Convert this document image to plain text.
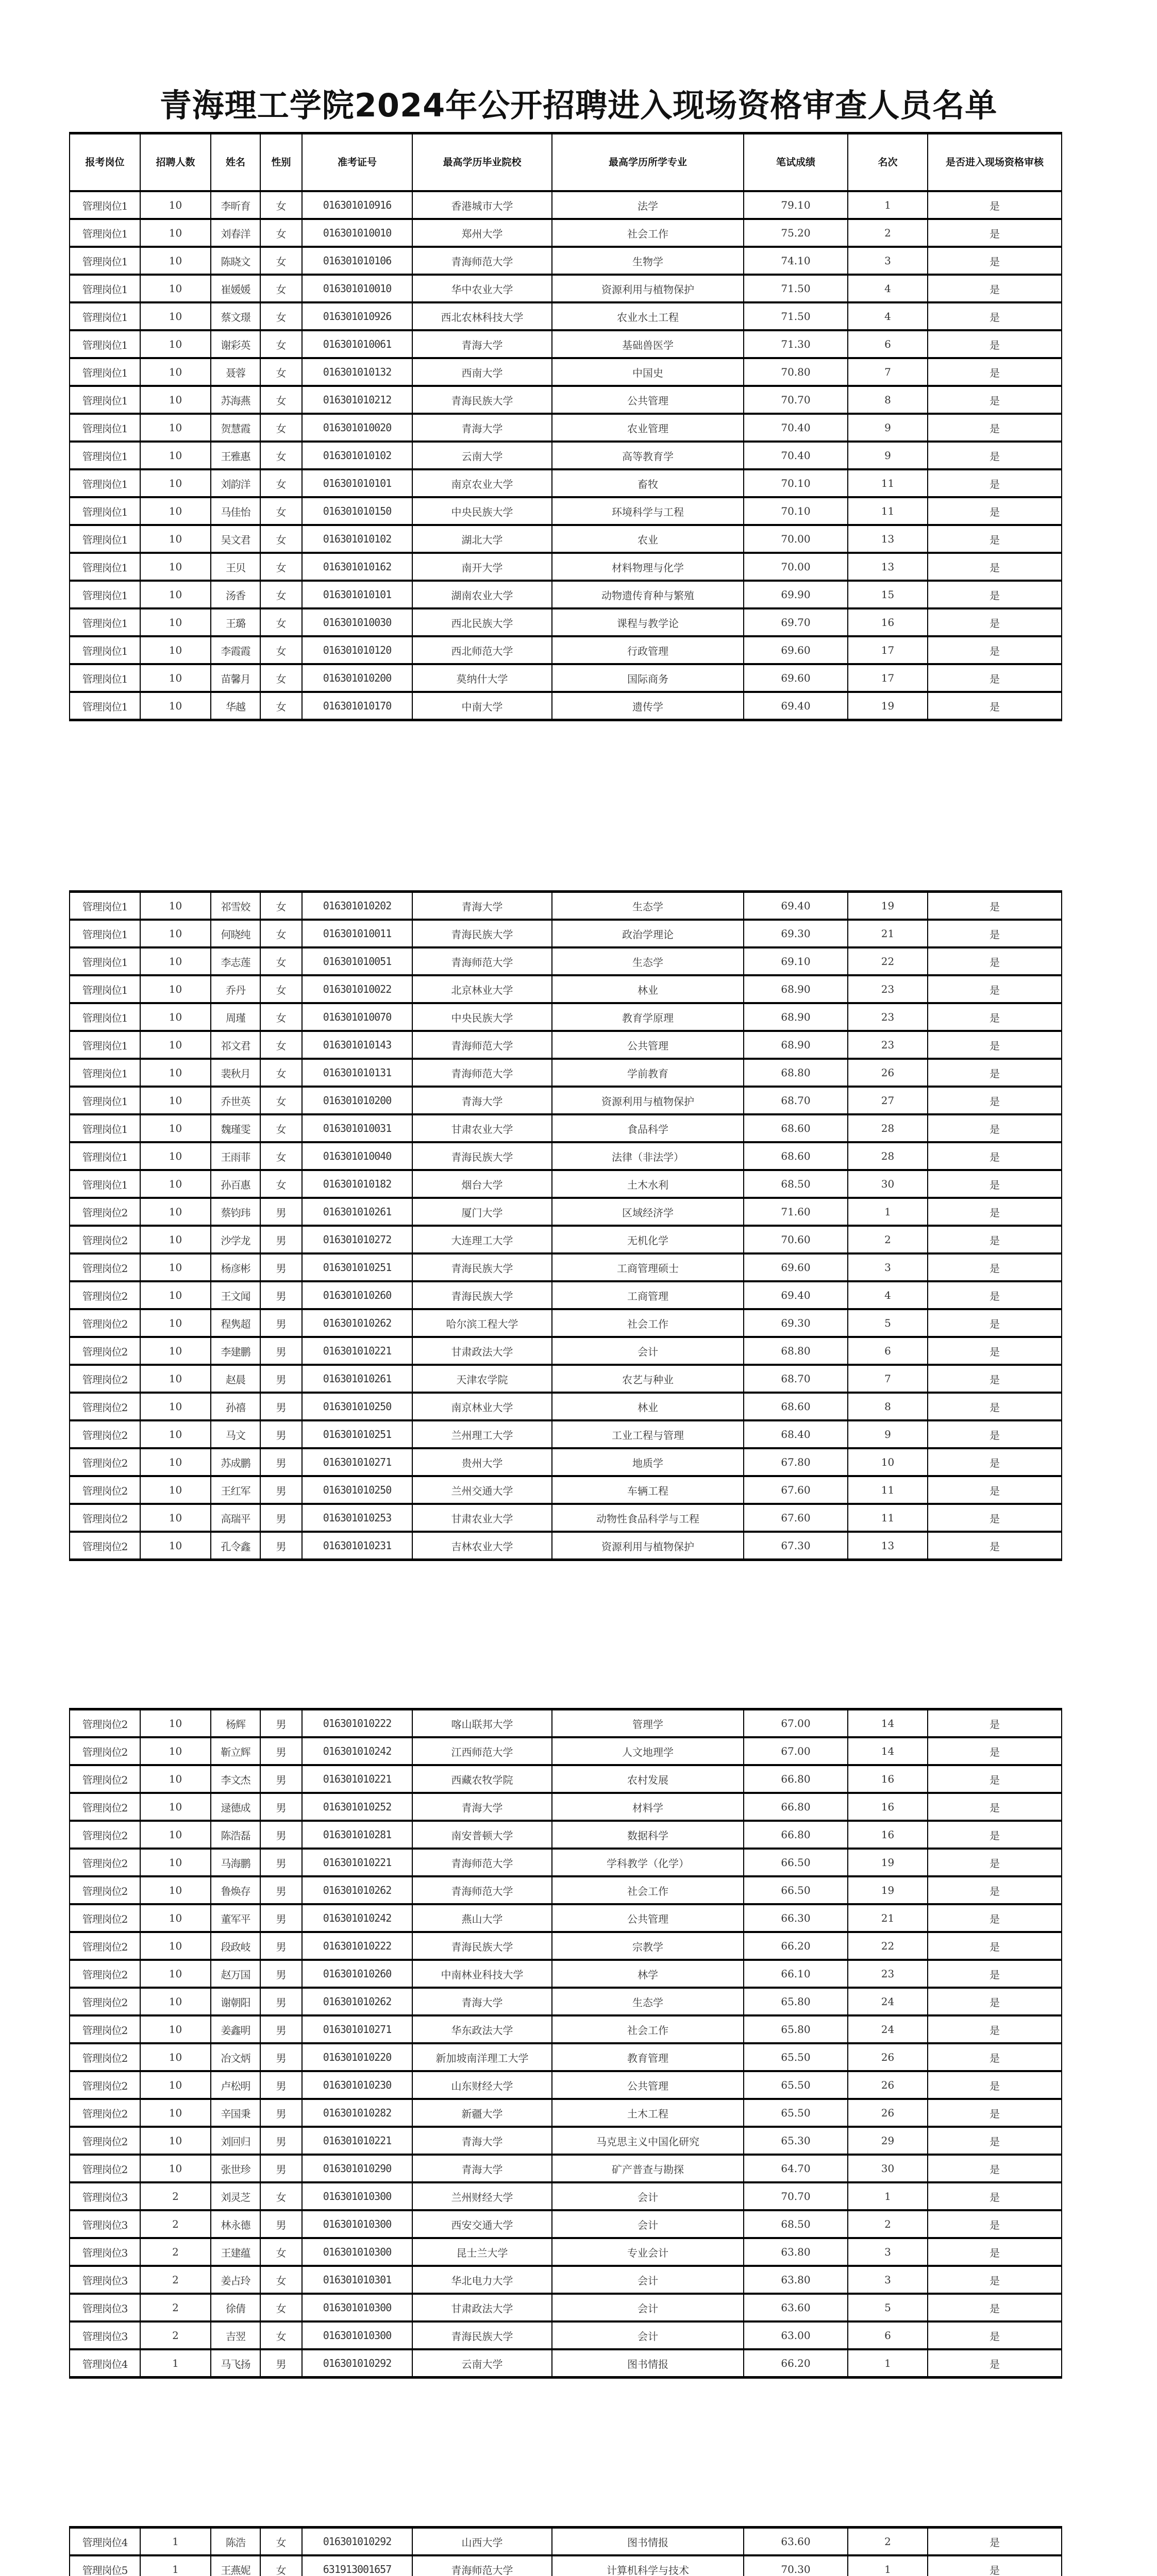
青海理工学院2024年公开招聘进入现场资格审查人员名单
报考岗位	招聘人数	姓名	性别	准考证号	最高学历毕业院校	最高学历所学专业	笔试成绩	名次	是否进入现场资格审核
管理岗位1	10	李昕育	女	016301010916	香港城市大学	法学	79.10	1	是
管理岗位1	10	刘春洋	女	016301010010	郑州大学	社会工作	75.20	2	是
管理岗位1	10	陈晓文	女	016301010106	青海师范大学	生物学	74.10	3	是
管理岗位1	10	崔媛媛	女	016301010010	华中农业大学	资源利用与植物保护	71.50	4	是
管理岗位1	10	蔡文璟	女	016301010926	西北农林科技大学	农业水土工程	71.50	4	是
管理岗位1	10	谢彩英	女	016301010061	青海大学	基础兽医学	71.30	6	是
管理岗位1	10	聂蓉	女	016301010132	西南大学	中国史	70.80	7	是
管理岗位1	10	苏海燕	女	016301010212	青海民族大学	公共管理	70.70	8	是
管理岗位1	10	贺慧霞	女	016301010020	青海大学	农业管理	70.40	9	是
管理岗位1	10	王雅惠	女	016301010102	云南大学	高等教育学	70.40	9	是
管理岗位1	10	刘韵洋	女	016301010101	南京农业大学	畜牧	70.10	11	是
管理岗位1	10	马佳怡	女	016301010150	中央民族大学	环境科学与工程	70.10	11	是
管理岗位1	10	吴文君	女	016301010102	湖北大学	农业	70.00	13	是
管理岗位1	10	王贝	女	016301010162	南开大学	材料物理与化学	70.00	13	是
管理岗位1	10	汤香	女	016301010101	湖南农业大学	动物遗传育种与繁殖	69.90	15	是
管理岗位1	10	王璐	女	016301010030	西北民族大学	课程与教学论	69.70	16	是
管理岗位1	10	李霞霞	女	016301010120	西北师范大学	行政管理	69.60	17	是
管理岗位1	10	苗馨月	女	016301010200	莫纳什大学	国际商务	69.60	17	是
管理岗位1	10	华越	女	016301010170	中南大学	遗传学	69.40	19	是
管理岗位1	10	祁雪姣	女	016301010202	青海大学	生态学	69.40	19	是
管理岗位1	10	何晓纯	女	016301010011	青海民族大学	政治学理论	69.30	21	是
管理岗位1	10	李志莲	女	016301010051	青海师范大学	生态学	69.10	22	是
管理岗位1	10	乔丹	女	016301010022	北京林业大学	林业	68.90	23	是
管理岗位1	10	周瑾	女	016301010070	中央民族大学	教育学原理	68.90	23	是
管理岗位1	10	祁文君	女	016301010143	青海师范大学	公共管理	68.90	23	是
管理岗位1	10	裴秋月	女	016301010131	青海师范大学	学前教育	68.80	26	是
管理岗位1	10	乔世英	女	016301010200	青海大学	资源利用与植物保护	68.70	27	是
管理岗位1	10	魏瑾雯	女	016301010031	甘肃农业大学	食品科学	68.60	28	是
管理岗位1	10	王雨菲	女	016301010040	青海民族大学	法律（非法学）	68.60	28	是
管理岗位1	10	孙百惠	女	016301010182	烟台大学	土木水利	68.50	30	是
管理岗位2	10	蔡钧玮	男	016301010261	厦门大学	区域经济学	71.60	1	是
管理岗位2	10	沙学龙	男	016301010272	大连理工大学	无机化学	70.60	2	是
管理岗位2	10	杨彦彬	男	016301010251	青海民族大学	工商管理硕士	69.60	3	是
管理岗位2	10	王文闻	男	016301010260	青海民族大学	工商管理	69.40	4	是
管理岗位2	10	程隽超	男	016301010262	哈尔滨工程大学	社会工作	69.30	5	是
管理岗位2	10	李建鹏	男	016301010221	甘肃政法大学	会计	68.80	6	是
管理岗位2	10	赵晨	男	016301010261	天津农学院	农艺与种业	68.70	7	是
管理岗位2	10	孙禧	男	016301010250	南京林业大学	林业	68.60	8	是
管理岗位2	10	马文	男	016301010251	兰州理工大学	工业工程与管理	68.40	9	是
管理岗位2	10	苏成鹏	男	016301010271	贵州大学	地质学	67.80	10	是
管理岗位2	10	王红军	男	016301010250	兰州交通大学	车辆工程	67.60	11	是
管理岗位2	10	高瑞平	男	016301010253	甘肃农业大学	动物性食品科学与工程	67.60	11	是
管理岗位2	10	孔令鑫	男	016301010231	吉林农业大学	资源利用与植物保护	67.30	13	是
管理岗位2	10	杨辉	男	016301010222	喀山联邦大学	管理学	67.00	14	是
管理岗位2	10	靳立辉	男	016301010242	江西师范大学	人文地理学	67.00	14	是
管理岗位2	10	李文杰	男	016301010221	西藏农牧学院	农村发展	66.80	16	是
管理岗位2	10	逯德成	男	016301010252	青海大学	材料学	66.80	16	是
管理岗位2	10	陈浩磊	男	016301010281	南安普顿大学	数据科学	66.80	16	是
管理岗位2	10	马海鹏	男	016301010221	青海师范大学	学科教学（化学）	66.50	19	是
管理岗位2	10	鲁焕存	男	016301010262	青海师范大学	社会工作	66.50	19	是
管理岗位2	10	董军平	男	016301010242	燕山大学	公共管理	66.30	21	是
管理岗位2	10	段政岐	男	016301010222	青海民族大学	宗教学	66.20	22	是
管理岗位2	10	赵万国	男	016301010260	中南林业科技大学	林学	66.10	23	是
管理岗位2	10	谢朝阳	男	016301010262	青海大学	生态学	65.80	24	是
管理岗位2	10	姜鑫明	男	016301010271	华东政法大学	社会工作	65.80	24	是
管理岗位2	10	冶文炳	男	016301010220	新加坡南洋理工大学	教育管理	65.50	26	是
管理岗位2	10	卢松明	男	016301010230	山东财经大学	公共管理	65.50	26	是
管理岗位2	10	辛国秉	男	016301010282	新疆大学	土木工程	65.50	26	是
管理岗位2	10	刘回归	男	016301010221	青海大学	马克思主义中国化研究	65.30	29	是
管理岗位2	10	张世珍	男	016301010290	青海大学	矿产普查与勘探	64.70	30	是
管理岗位3	2	刘灵芝	女	016301010300	兰州财经大学	会计	70.70	1	是
管理岗位3	2	林永德	男	016301010300	西安交通大学	会计	68.50	2	是
管理岗位3	2	王建蕴	女	016301010300	昆士兰大学	专业会计	63.80	3	是
管理岗位3	2	姜占玲	女	016301010301	华北电力大学	会计	63.80	3	是
管理岗位3	2	徐倩	女	016301010300	甘肃政法大学	会计	63.60	5	是
管理岗位3	2	吉翌	女	016301010300	青海民族大学	会计	63.00	6	是
管理岗位4	1	马飞扬	男	016301010292	云南大学	图书情报	66.20	1	是
管理岗位4	1	陈浩	女	016301010292	山西大学	图书情报	63.60	2	是
管理岗位5	1	王燕妮	女	631913001657	青海师范大学	计算机科学与技术	70.30	1	是
